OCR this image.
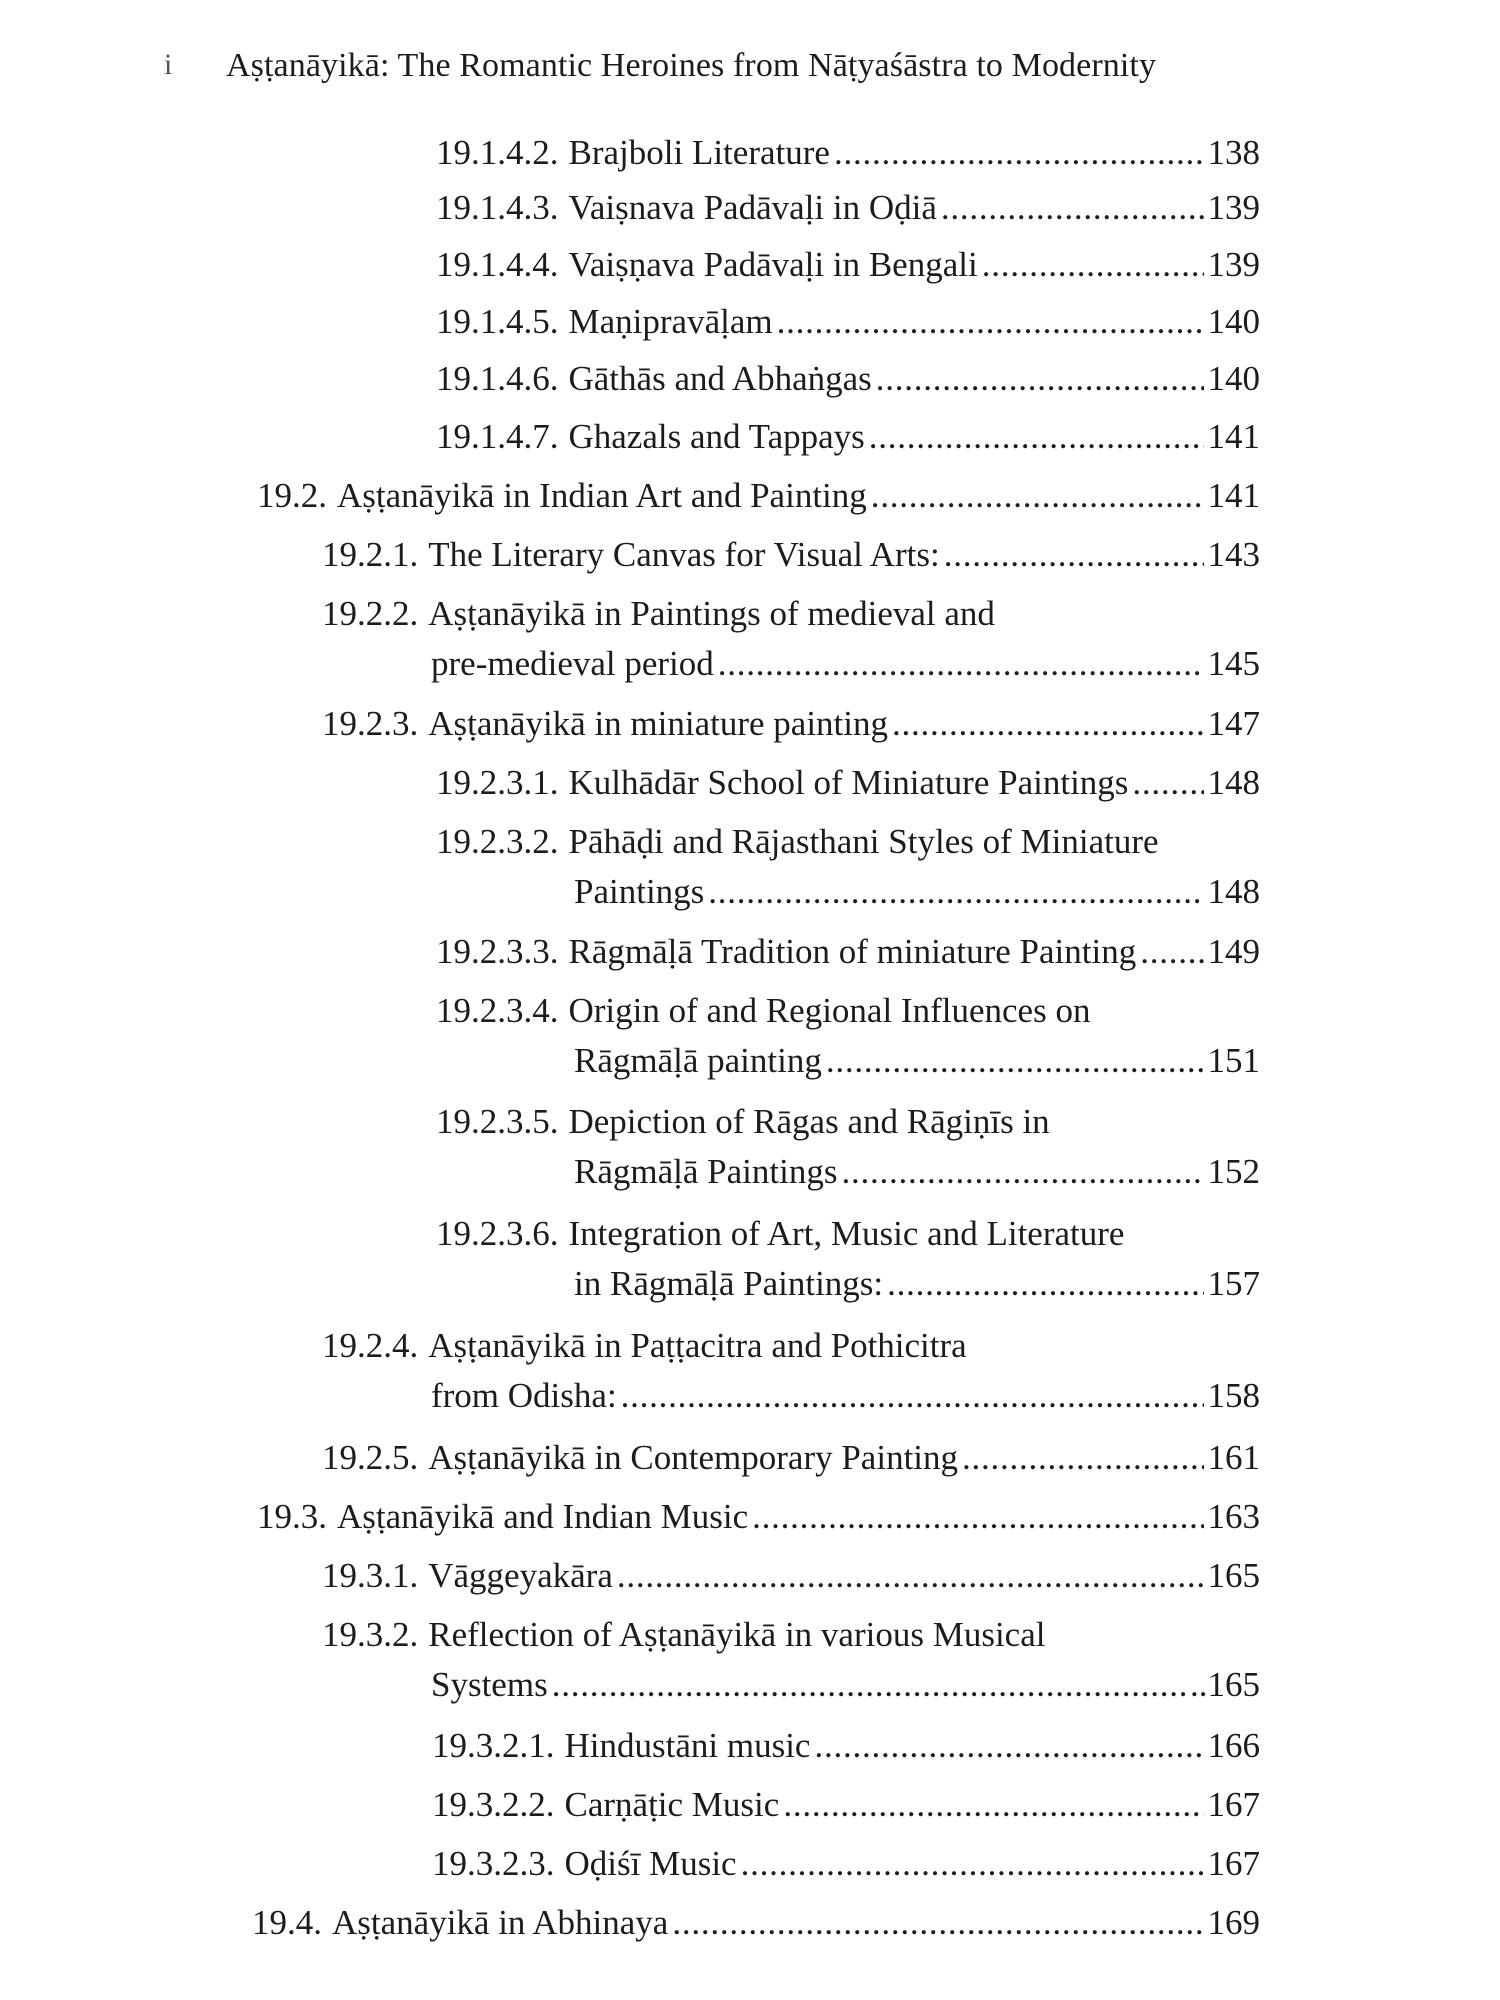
i Aṣṭanāyikā: The Romantic Heroines from Nāṭyaśāstra to Modernity
19.1.4.2. Brajboli Literature . . .	138
19.1.4.3. Vaiṣnava Padāvaḷi in Oḍiā . . .	139
19.1.4.4. Vaiṣṇava Padāvaḷi in Bengali . . .	139
19.1.4.5. Maṇipravāḷam . . .	140
19.1.4.6. Gāthās and Abhaṅgas . . .	140
19.1.4.7. Ghazals and Tappays . . .	141
19.2. Aṣṭanāyikā in Indian Art and Painting . . .	141
19.2.1. The Literary Canvas for Visual Arts: . . .	143
19.2.2. Aṣṭanāyikā in Paintings of medieval and
pre-medieval period . . .	145
19.2.3. Aṣṭanāyikā in miniature painting . . .	147
19.2.3.1. Kulhādār School of Miniature Paintings . . . 148
19.2.3.2. Pāhāḍi and Rājasthani Styles of Miniature
Paintings . . .	148
19.2.3.3. Rāgmāḷā Tradition of miniature Painting . . . 149
19.2.3.4. Origin of and Regional Influences on
Rāgmāḷā painting . . .	151
19.2.3.5. Depiction of Rāgas and Rāgiṇīs in
Rāgmāḷā Paintings . . .	152
19.2.3.6. Integration of Art, Music and Literature
in Rāgmāḷā Paintings: . . .	157
19.2.4. Aṣṭanāyikā in Paṭṭacitra and Pothicitra
from Odisha: . . .	158
19.2.5. Aṣṭanāyikā in Contemporary Painting . . .	161
19.3. Aṣṭanāyikā and Indian Music . . .	163
19.3.1. Vāggeyakāra . . .	165
19.3.2. Reflection of Aṣṭanāyikā in various Musical
Systems . . .	..165
19.3.2.1. Hindustāni music . . .	166
19.3.2.2. Carṇāṭic Music . . .	167
19.3.2.3. Oḍiśī Music . . .	167
19.4. Aṣṭanāyikā in Abhinaya . . .	169
